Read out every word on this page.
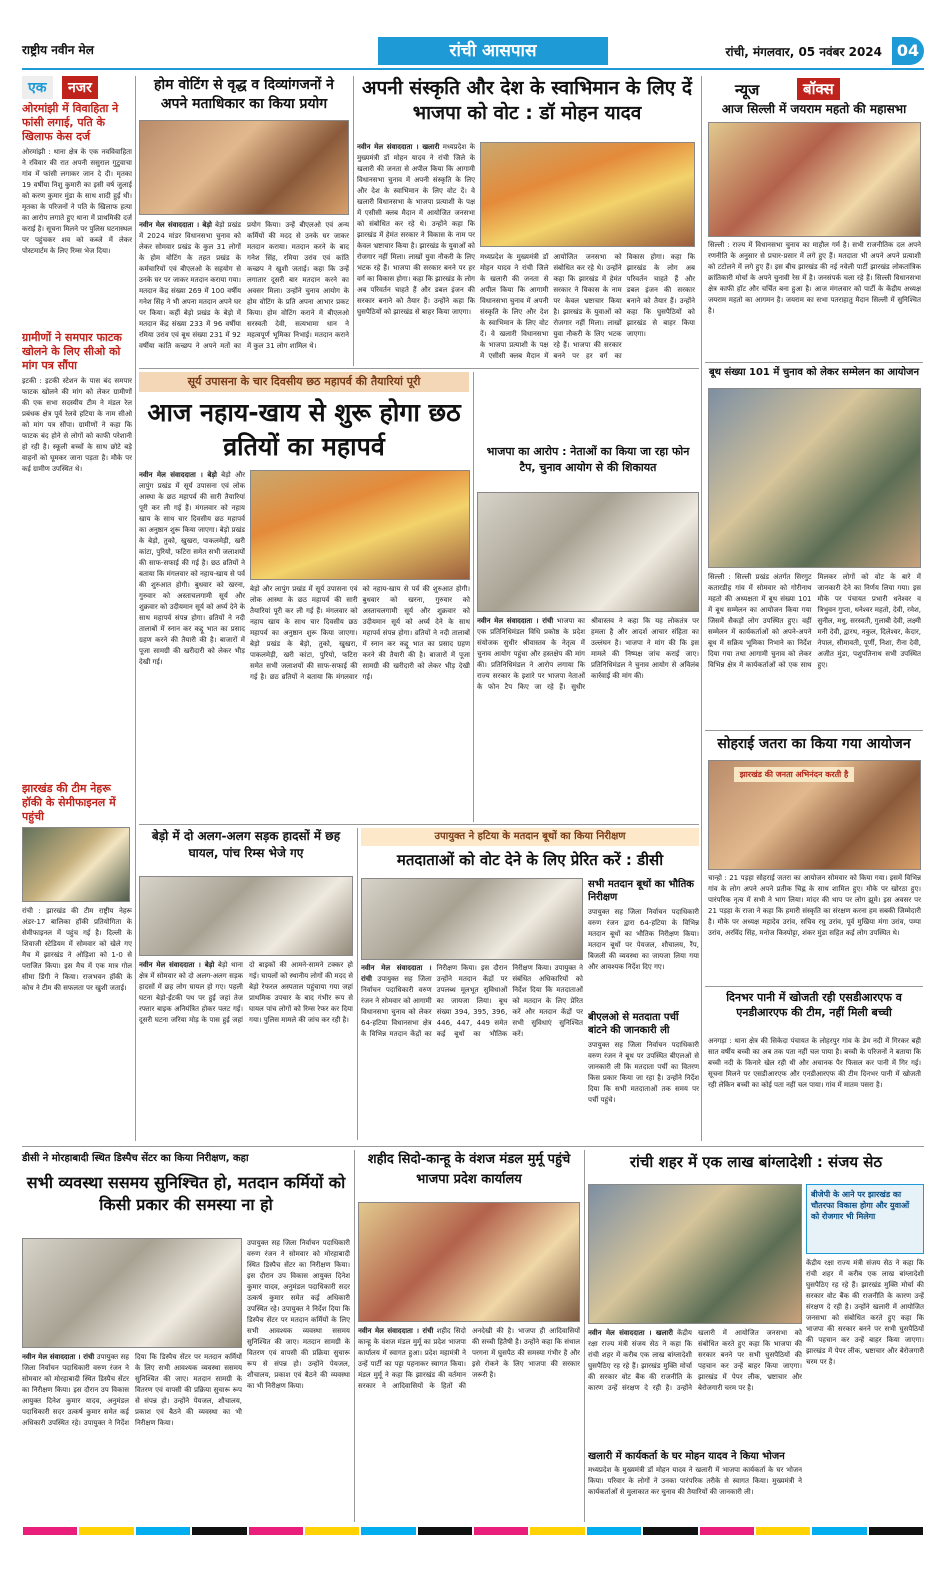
राष्ट्रीय नवीन मेल	रांची आसपास	रांची, मंगलवार, 05 नवंबर 2024 04
एक	नजर
ओरमांझी में विवाहिता ने फांसी लगाई, पति के खिलाफ केस दर्ज
ओरमांझी : थाना क्षेत्र के एक नवविवाहिता ने रविवार की रात अपनी ससुराल गुटुवाचा गांव में फांसी लगाकर जान दे दी। मृतका 19 वर्षीया निशु कुमारी का इसी वर्ष जुलाई को करण कुमार मुंडा के साथ शादी हुई थी। मृतका के परिजनों ने पति के खिलाफ हत्या का आरोप लगाते हुए थाना में प्राथमिकी दर्ज कराई है। सूचना मिलने पर पुलिस घटनास्थल पर पहुंचकर शव को कब्जे में लेकर पोस्टमार्टम के लिए रिम्स भेज दिया।
ग्रामीणों ने समपार फाटक खोलने के लिए सीओ को मांग पत्र सौंपा
इटकी : इटकी स्टेशन के पास बंद समपार फाटक खोलने की मांग को लेकर ग्रामीणों की एक सभा सदस्यीय टीम ने मंडल रेल प्रबंधक क्षेत्र पूर्व रेलवे हटिया के नाम सीओ को मांग पत्र सौंपा। ग्रामीणों ने कहा कि फाटक बंद होने से लोगों को काफी परेशानी हो रही है। स्कूली बच्चों के साथ छोटे बड़े वाहनों को घूमकर जाना पड़ता है। मौके पर कई ग्रामीण उपस्थित थे।
झारखंड की टीम नेहरू हॉकी के सेमीफाइनल में पहुंची
रांची : झारखंड की टीम राष्ट्रीय नेहरू अंडर-17 बालिका हॉकी प्रतियोगिता के सेमीफाइनल में पहुंच गई है। दिल्ली के शिवाजी स्टेडियम में सोमवार को खेले गए मैच में झारखंड ने ओड़िशा को 1-0 से पराजित किया। इस मैच में एक मात्र गोल सीमा डिंगी ने किया। राजभवन हॉकी के कोच ने टीम की सफलता पर खुशी जताई।
होम वोटिंग से वृद्ध व दिव्यांगजनों ने अपने मताधिकार का किया प्रयोग
नवीन मेल संवाददाता । बेड़ो बेड़ो प्रखंड में 2024 मांडर विधानसभा चुनाव को लेकर सोमवार प्रखंड के कुल 31 लोगों के होम वोटिंग के तहत प्रखंड के कर्मचारियों एवं बीएलओ के सहयोग से उनके घर पर जाकर मतदान कराया गया। मतदान केंद्र संख्या 269 में 100 वर्षीय गनेश सिंह ने भी अपना मतदान अपने घर पर किया। कहीं बेड़ो प्रखंड के बेड़ो में मतदान केंद्र संख्या 233 में 96 वर्षीया रमिया उरांव एवं बूथ संख्या 231 में 92 वर्षीया कांति कच्छप ने अपने मतों का प्रयोग किया। उन्हें बीएलओ एवं अन्य कर्मियों की मदद से उनके घर जाकर मतदान कराया। मतदान करने के बाद गनेश सिंह, रमिया उरांव एवं कांति कच्छप ने खुशी जताई। कहा कि उन्हें लगातार दूसरी बार मतदान करने का अवसर मिला। उन्होंने चुनाव आयोग के होम वोटिंग के प्रति अपना आभार प्रकट किया। होम वोटिंग कराने में बीएलओ सरस्वती देवी, सत्यभामा धान ने महत्वपूर्ण भूमिका निभाई। मतदान कराने में कुल 31 लोग शामिल थे।
अपनी संस्कृति और देश के स्वाभिमान के लिए दें भाजपा को वोट : डॉ मोहन यादव
नवीन मेल संवाददाता । खलारी मध्यप्रदेश के मुख्यमंत्री डॉ मोहन यादव ने रांची जिले के खलारी की जनता से अपील किया कि आगामी विधानसभा चुनाव में अपनी संस्कृति के लिए और देश के स्वाभिमान के लिए वोट दें। वे खलारी विधानसभा के भाजपा प्रत्याशी के पक्ष में एसीसी क्लब मैदान में आयोजित जनसभा को संबोधित कर रहे थे। उन्होंने कहा कि झारखंड में हेमंत सरकार ने विकास के नाम पर केवल भ्रष्टाचार किया है। झारखंड के युवाओं को रोजगार नहीं मिला। लाखों युवा नौकरी के लिए भटक रहे हैं। भाजपा की सरकार बनने पर हर वर्ग का विकास होगा। कहा कि झारखंड के लोग अब परिवर्तन चाहते हैं और डबल इंजन की सरकार बनाने को तैयार हैं। उन्होंने कहा कि घुसपैठियों को झारखंड से बाहर किया जाएगा।
मध्यप्रदेश के मुख्यमंत्री डॉ मोहन यादव ने रांची जिले के खलारी की जनता से अपील किया कि आगामी विधानसभा चुनाव में अपनी संस्कृति के लिए और देश के स्वाभिमान के लिए वोट दें। वे खलारी विधानसभा के भाजपा प्रत्याशी के पक्ष में एसीसी क्लब मैदान में आयोजित जनसभा को संबोधित कर रहे थे। उन्होंने कहा कि झारखंड में हेमंत सरकार ने विकास के नाम पर केवल भ्रष्टाचार किया है। झारखंड के युवाओं को रोजगार नहीं मिला। लाखों युवा नौकरी के लिए भटक रहे हैं। भाजपा की सरकार बनने पर हर वर्ग का विकास होगा। कहा कि झारखंड के लोग अब परिवर्तन चाहते हैं और डबल इंजन की सरकार बनाने को तैयार हैं। उन्होंने कहा कि घुसपैठियों को झारखंड से बाहर किया जाएगा।
न्यूज	बॉक्स
आज सिल्ली में जयराम महतो की महासभा
सिल्ली : राज्य में विधानसभा चुनाव का माहौल गर्म है। सभी राजनीतिक दल अपने रणनीति के अनुसार से प्रचार-प्रसार में लगे हुए हैं। मतदाता भी अपने अपने प्रत्याशी को टटोलने में लगे हुए हैं। इस बीच झारखंड की नई नवेली पार्टी झारखंड लोकतांत्रिक क्रांतिकारी मोर्चा के अपने चुनावी रेस में है। जनसंपर्क चला रहे हैं। सिल्ली विधानसभा क्षेत्र काफी हॉट और चर्चित बना हुआ है। आज मंगलवार को पार्टी के केंद्रीय अध्यक्ष जयराम महतो का आगमन है। जयराम का सभा पतराहातु मैदान सिल्ली में सुनिश्चित है।
बूथ संख्या 101 में चुनाव को लेकर सम्मेलन का आयोजन
सिल्ली : सिल्ली प्रखंड अंतर्गत सिरगुट कतारडीह गांव में सोमवार को गोरीनाथ महतो की अध्यक्षता में बूथ संख्या 101 में बूथ सम्मेलन का आयोजन किया गया जिसमें सैकड़ों लोग उपस्थित हुए। वहीं सम्मेलन में कार्यकर्ताओं को अपने-अपने बूथ में सक्रिय भूमिका निभाने का निर्देश दिया गया तथा आगामी चुनाव को लेकर विभिन्न क्षेत्र में कार्यकर्ताओं को एक साथ मिलकर लोगों को वोट के बारे में जानकारी देने का निर्णय लिया गया। इस मौके पर पंचायत प्रभारी धनेश्वर व त्रिभुवन गुप्ता, धनेश्वर महतो, देवी, रमेश, सुनील, मधु, सरस्वती, गुलाबी देवी, लक्ष्मी मनी देवी, द्वारथ, नकुल, दिलेश्वर, केदार, नेपाल, सीमावती, पूर्णी, निशा, रीना देवी, अजीत मुंडा, पशुपतिनाथ सभी उपस्थित हुए।
सोहराई जतरा का किया गया आयोजन
झारखंड की जनता अभिनंदन करती है
चान्हो : 21 पड़हा सोहराई जतरा का आयोजन सोमवार को किया गया। इसमें विभिन्न गांव के लोग अपने अपने प्रतीक चिह्न के साथ शामिल हुए। मौके पर खोरठा हुए। पारंपरिक नृत्य में सभी ने भाग लिया। मांदर की थाप पर लोग झूमे। इस अवसर पर 21 पड़हा के राजा ने कहा कि हमारी संस्कृति का संरक्षण करना हम सबकी जिम्मेदारी है। मौके पर अध्यक्ष महादेव उरांव, सचिव रघु उरांव, पूर्व मुखिया मंगा उरांव, पम्पा उरांव, अरविंद सिंह, मनोज किस्पोट्टा, शंकर मुंडा सहित कई लोग उपस्थित थे।
दिनभर पानी में खोजती रही एसडीआरएफ व एनडीआरएफ की टीम, नहीं मिली बच्ची
अनगड़ा : थाना क्षेत्र की सिकेदा पंचायत के लोहरपुर गांव के डेम नदी में गिरकर बही सात वर्षीय बच्ची का अब तक पता नहीं चल पाया है। बच्ची के परिजनों ने बताया कि बच्ची नदी के किनारे खेल रही थी और अचानक पैर फिसल कर पानी में गिर गई। सूचना मिलने पर एसडीआरएफ और एनडीआरएफ की टीम दिनभर पानी में खोजती रही लेकिन बच्ची का कोई पता नहीं चल पाया। गांव में मातम पसरा है।
सूर्य उपासना के चार दिवसीय छठ महापर्व की तैयारियां पूरी
आज नहाय-खाय से शुरू होगा छठ व्रतियों का महापर्व
नवीन मेल संवाददाता । बेड़ो बेड़ो और लापुंग प्रखंड में सूर्य उपासना एवं लोक आस्था के छठ महापर्व की सारी तैयारियां पूरी कर ली गई हैं। मंगलवार को नहाय खाय के साथ चार दिवसीय छठ महापर्व का अनुष्ठान शुरू किया जाएगा। बेड़ो प्रखंड के बेड़ो, तुको, खुखरा, पाकलमेड़ी, खरी कांटा, पुरियो, फटिरा समेत सभी जलाशयों की साफ-सफाई की गई है। छठ व्रतियों ने बताया कि मंगलवार को नहाय-खाय से पर्व की शुरुआत होगी। बुधवार को खरना, गुरुवार को अस्ताचलगामी सूर्य और शुक्रवार को उदीयमान सूर्य को अर्घ्य देने के साथ महापर्व संपन्न होगा। व्रतियों ने नदी तालाबों में स्नान कर कद्दू भात का प्रसाद ग्रहण करने की तैयारी की है। बाजारों में पूजा सामग्री की खरीदारी को लेकर भीड़ देखी गई।
बेड़ो और लापुंग प्रखंड में सूर्य उपासना एवं लोक आस्था के छठ महापर्व की सारी तैयारियां पूरी कर ली गई हैं। मंगलवार को नहाय खाय के साथ चार दिवसीय छठ महापर्व का अनुष्ठान शुरू किया जाएगा। बेड़ो प्रखंड के बेड़ो, तुको, खुखरा, पाकलमेड़ी, खरी कांटा, पुरियो, फटिरा समेत सभी जलाशयों की साफ-सफाई की गई है। छठ व्रतियों ने बताया कि मंगलवार को नहाय-खाय से पर्व की शुरुआत होगी। बुधवार को खरना, गुरुवार को अस्ताचलगामी सूर्य और शुक्रवार को उदीयमान सूर्य को अर्घ्य देने के साथ महापर्व संपन्न होगा। व्रतियों ने नदी तालाबों में स्नान कर कद्दू भात का प्रसाद ग्रहण करने की तैयारी की है। बाजारों में पूजा सामग्री की खरीदारी को लेकर भीड़ देखी गई।
भाजपा का आरोप : नेताओं का किया जा रहा फोन टैप, चुनाव आयोग से की शिकायत
नवीन मेल संवाददाता । रांची भाजपा का एक प्रतिनिधिमंडल विधि प्रकोष्ठ के प्रदेश संयोजक सुधीर श्रीवास्तव के नेतृत्व में चुनाव आयोग पहुंचा और हस्तक्षेप की मांग की। प्रतिनिधिमंडल ने आरोप लगाया कि राज्य सरकार के इशारे पर भाजपा नेताओं के फोन टैप किए जा रहे हैं। सुधीर श्रीवास्तव ने कहा कि यह लोकतंत्र पर हमला है और आदर्श आचार संहिता का उल्लंघन है। भाजपा ने मांग की कि इस मामले की निष्पक्ष जांच कराई जाए। प्रतिनिधिमंडल ने चुनाव आयोग से अविलंब कार्रवाई की मांग की।
बेड़ो में दो अलग-अलग सड़क हादसों में छह घायल, पांच रिम्स भेजे गए
नवीन मेल संवाददाता । बेड़ो बेड़ो थाना क्षेत्र में सोमवार को दो अलग-अलग सड़क हादसों में छह लोग घायल हो गए। पहली घटना बेड़ो-ईटकी पथ पर हुई जहां तेज रफ्तार बाइक अनियंत्रित होकर पलट गई। दूसरी घटना जरिया मोड़ के पास हुई जहां दो बाइकों की आमने-सामने टक्कर हो गई। घायलों को स्थानीय लोगों की मदद से बेड़ो रेफरल अस्पताल पहुंचाया गया जहां प्राथमिक उपचार के बाद गंभीर रूप से घायल पांच लोगों को रिम्स रेफर कर दिया गया। पुलिस मामले की जांच कर रही है।
उपायुक्त ने हटिया के मतदान बूथों का किया निरीक्षण
मतदाताओं को वोट देने के लिए प्रेरित करें : डीसी
नवीन मेल संवाददाता । रांची उपायुक्त सह जिला निर्वाचन पदाधिकारी वरुण रंजन ने सोमवार को आगामी विधानसभा चुनाव को लेकर 64-हटिया विधानसभा क्षेत्र के विभिन्न मतदान केंद्रों का निरीक्षण किया। इस दौरान उन्होंने मतदान केंद्रों पर उपलब्ध मूलभूत सुविधाओं का जायजा लिया। बूथ संख्या 394, 395, 396, 446, 447, 449 समेत कई बूथों का भौतिक निरीक्षण किया। उपायुक्त ने संबंधित अधिकारियों को निर्देश दिया कि मतदाताओं को मतदान के लिए प्रेरित करें और मतदान केंद्रों पर सभी सुविधाएं सुनिश्चित करें।
सभी मतदान बूथों का भौतिक निरीक्षण
उपायुक्त सह जिला निर्वाचन पदाधिकारी वरुण रंजन द्वारा 64-हटिया के विभिन्न मतदान बूथों का भौतिक निरीक्षण किया। मतदान बूथों पर पेयजल, शौचालय, रैंप, बिजली की व्यवस्था का जायजा लिया गया और आवश्यक निर्देश दिए गए।
बीएलओ से मतदाता पर्ची बांटने की जानकारी ली
उपायुक्त सह जिला निर्वाचन पदाधिकारी वरुण रंजन ने बूथ पर उपस्थित बीएलओ से जानकारी ली कि मतदाता पर्ची का वितरण किस प्रकार किया जा रहा है। उन्होंने निर्देश दिया कि सभी मतदाताओं तक समय पर पर्ची पहुंचे।
डीसी ने मोरहाबादी स्थित डिस्पैच सेंटर का किया निरीक्षण, कहा
सभी व्यवस्था ससमय सुनिश्चित हो, मतदान कर्मियों को किसी प्रकार की समस्या ना हो
नवीन मेल संवाददाता । रांची उपायुक्त सह जिला निर्वाचन पदाधिकारी वरुण रंजन ने सोमवार को मोरहाबादी स्थित डिस्पैच सेंटर का निरीक्षण किया। इस दौरान उप विकास आयुक्त दिनेश कुमार यादव, अनुमंडल पदाधिकारी सदर उत्कर्ष कुमार समेत कई अधिकारी उपस्थित रहे। उपायुक्त ने निर्देश दिया कि डिस्पैच सेंटर पर मतदान कर्मियों के लिए सभी आवश्यक व्यवस्था ससमय सुनिश्चित की जाए। मतदान सामग्री के वितरण एवं वापसी की प्रक्रिया सुचारू रूप से संपन्न हो। उन्होंने पेयजल, शौचालय, प्रकाश एवं बैठने की व्यवस्था का भी निरीक्षण किया।
उपायुक्त सह जिला निर्वाचन पदाधिकारी वरुण रंजन ने सोमवार को मोरहाबादी स्थित डिस्पैच सेंटर का निरीक्षण किया। इस दौरान उप विकास आयुक्त दिनेश कुमार यादव, अनुमंडल पदाधिकारी सदर उत्कर्ष कुमार समेत कई अधिकारी उपस्थित रहे। उपायुक्त ने निर्देश दिया कि डिस्पैच सेंटर पर मतदान कर्मियों के लिए सभी आवश्यक व्यवस्था ससमय सुनिश्चित की जाए। मतदान सामग्री के वितरण एवं वापसी की प्रक्रिया सुचारू रूप से संपन्न हो। उन्होंने पेयजल, शौचालय, प्रकाश एवं बैठने की व्यवस्था का भी निरीक्षण किया।
शहीद सिदो-कान्हू के वंशज मंडल मुर्मू पहुंचे भाजपा प्रदेश कार्यालय
नवीन मेल संवाददाता । रांची शहीद सिदो कान्हू के वंशज मंडल मुर्मू का प्रदेश भाजपा कार्यालय में स्वागत हुआ। प्रदेश महामंत्री ने उन्हें पार्टी का पट्टा पहनाकर स्वागत किया। मंडल मुर्मू ने कहा कि झारखंड की वर्तमान सरकार ने आदिवासियों के हितों की अनदेखी की है। भाजपा ही आदिवासियों की सच्ची हितैषी है। उन्होंने कहा कि संथाल परगना में घुसपैठ की समस्या गंभीर है और इसे रोकने के लिए भाजपा की सरकार जरूरी है।
रांची शहर में एक लाख बांग्लादेशी : संजय सेठ
बीजेपी के आने पर झारखंड का चौतरफा विकास होगा और युवाओं को रोजगार भी मिलेगा
केंद्रीय रक्षा राज्य मंत्री संजय सेठ ने कहा कि रांची शहर में करीब एक लाख बांग्लादेशी घुसपैठिए रह रहे हैं। झारखंड मुक्ति मोर्चा की सरकार वोट बैंक की राजनीति के कारण उन्हें संरक्षण दे रही है। उन्होंने खलारी में आयोजित जनसभा को संबोधित करते हुए कहा कि भाजपा की सरकार बनने पर सभी घुसपैठियों की पहचान कर उन्हें बाहर किया जाएगा। झारखंड में पेपर लीक, भ्रष्टाचार और बेरोजगारी चरम पर है।
नवीन मेल संवाददाता । खलारी केंद्रीय रक्षा राज्य मंत्री संजय सेठ ने कहा कि रांची शहर में करीब एक लाख बांग्लादेशी घुसपैठिए रह रहे हैं। झारखंड मुक्ति मोर्चा की सरकार वोट बैंक की राजनीति के कारण उन्हें संरक्षण दे रही है। उन्होंने खलारी में आयोजित जनसभा को संबोधित करते हुए कहा कि भाजपा की सरकार बनने पर सभी घुसपैठियों की पहचान कर उन्हें बाहर किया जाएगा। झारखंड में पेपर लीक, भ्रष्टाचार और बेरोजगारी चरम पर है।
खलारी में कार्यकर्ता के घर मोहन यादव ने किया भोजन
मध्यप्रदेश के मुख्यमंत्री डॉ मोहन यादव ने खलारी में भाजपा कार्यकर्ता के घर भोजन किया। परिवार के लोगों ने उनका पारंपरिक तरीके से स्वागत किया। मुख्यमंत्री ने कार्यकर्ताओं से मुलाकात कर चुनाव की तैयारियों की जानकारी ली।
